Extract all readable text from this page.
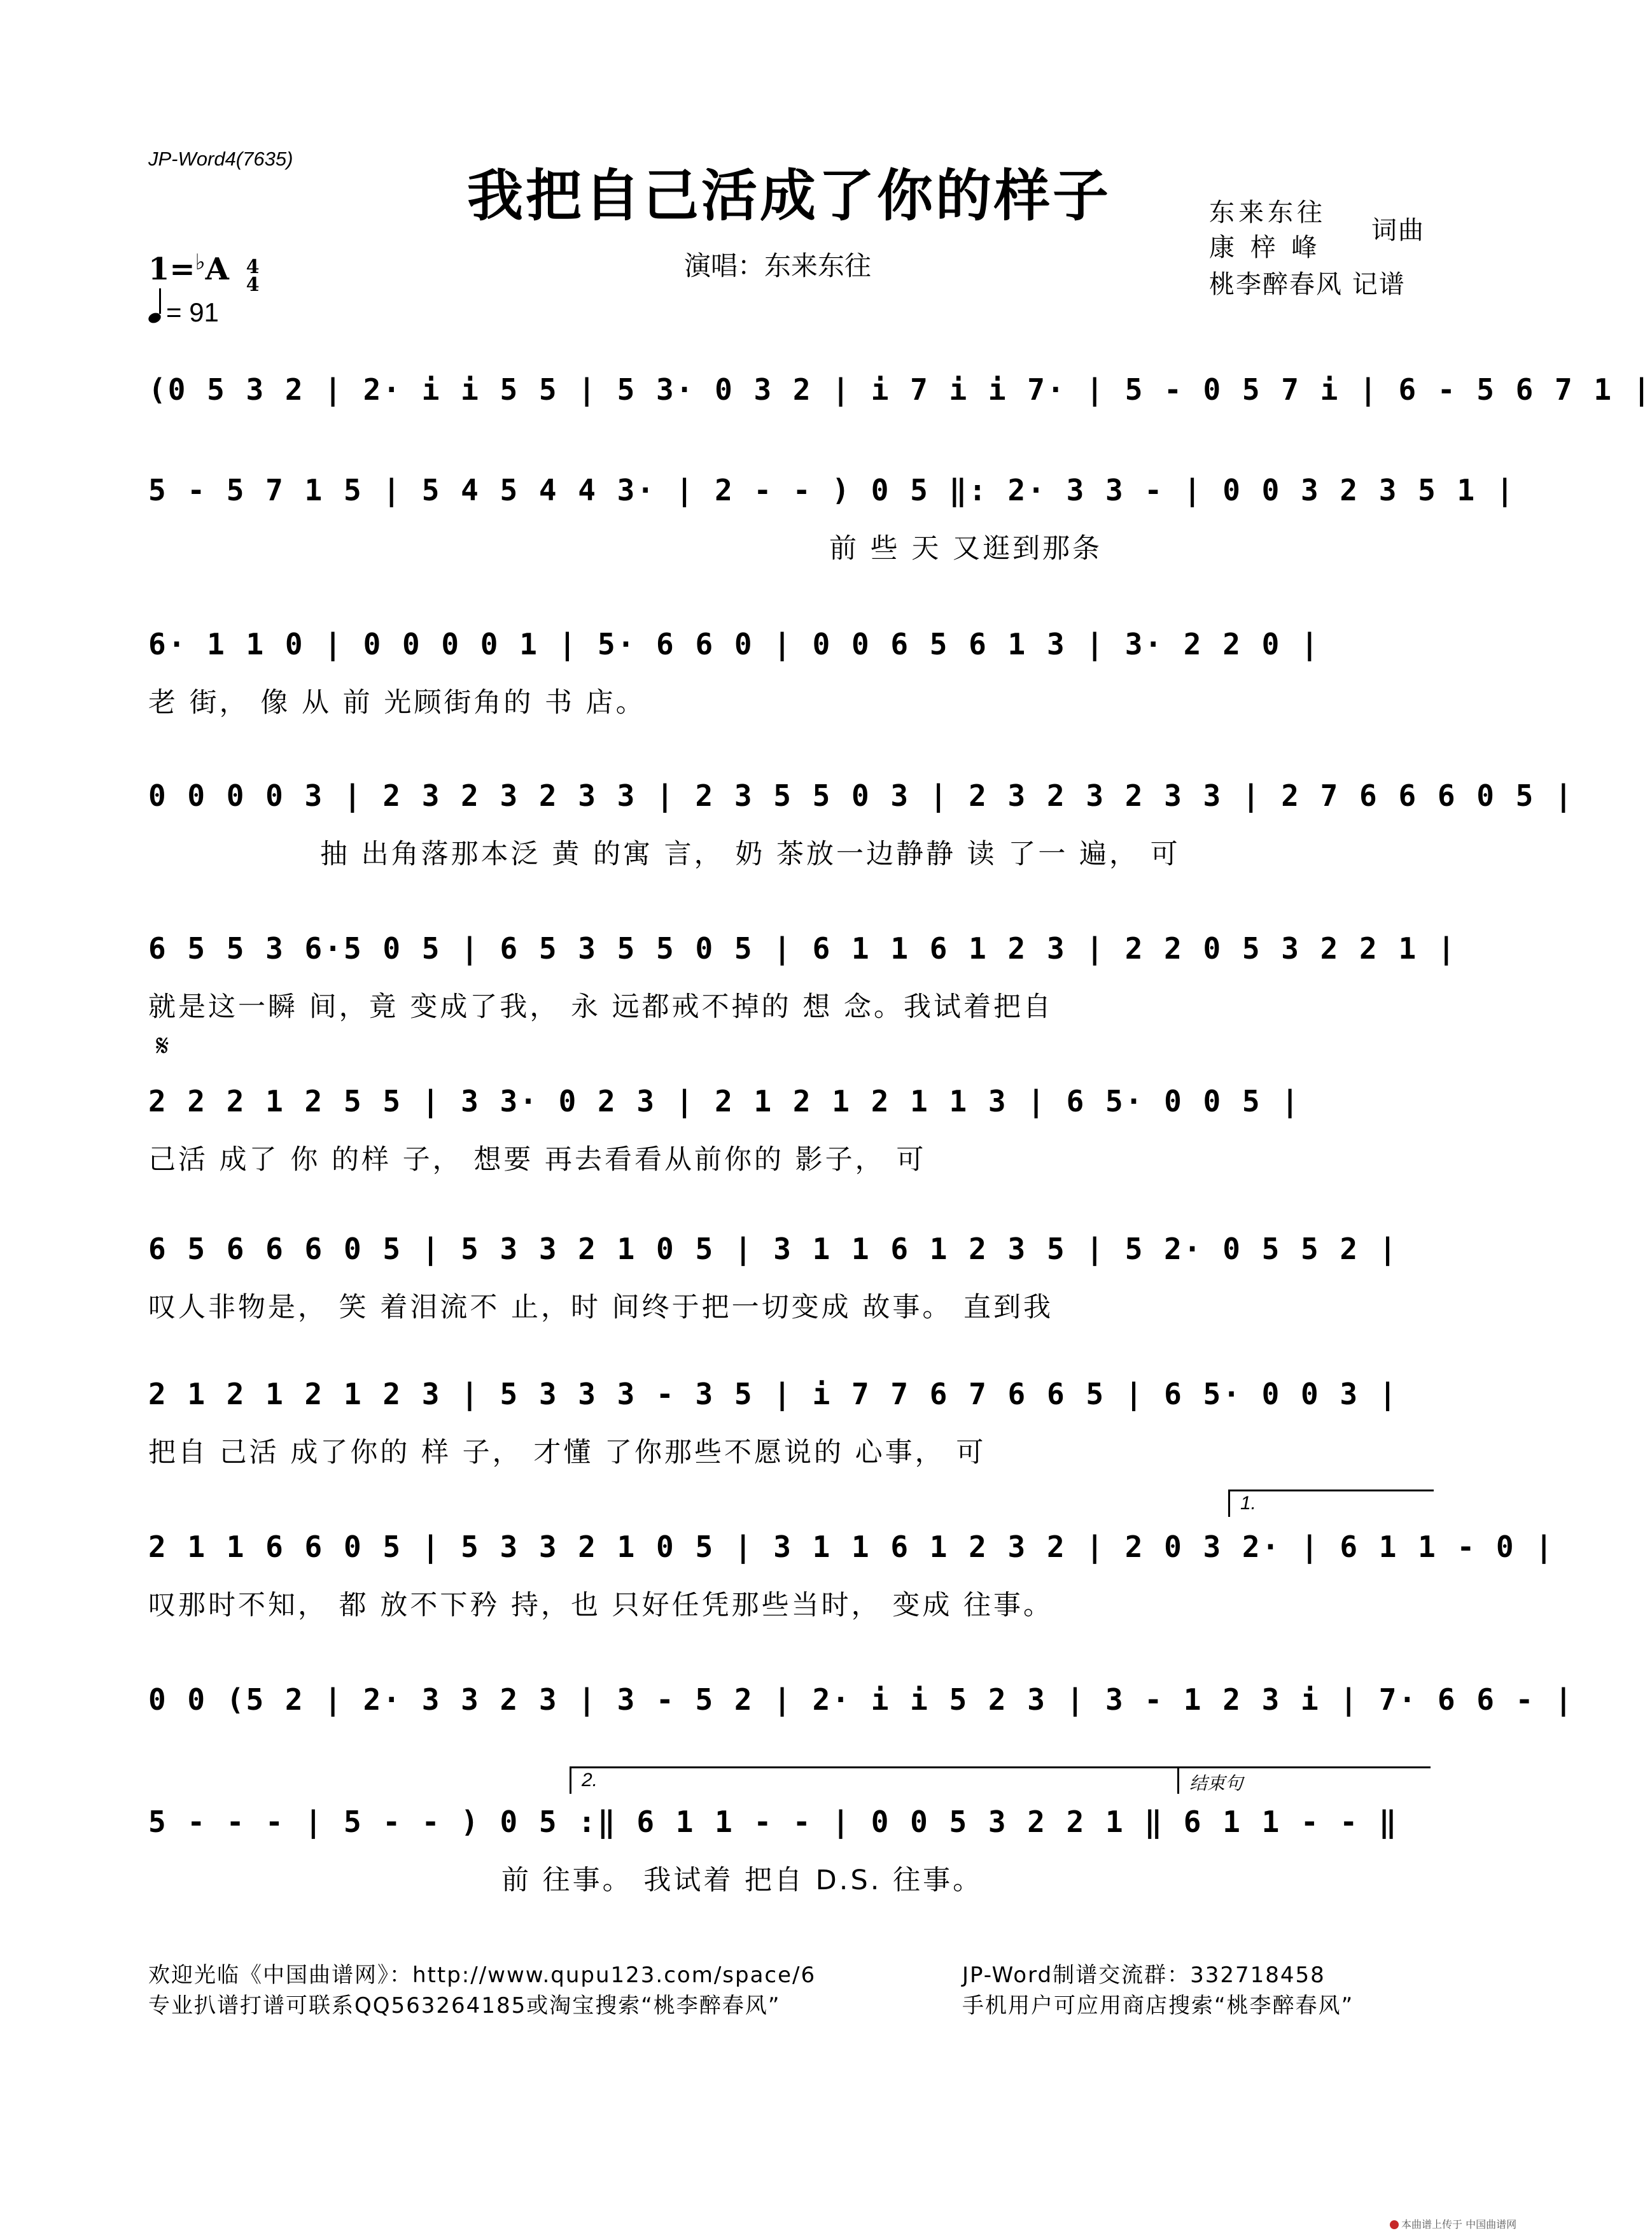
JP-Word4(7635)
我把自己活成了你的样子
演唱：东来东往
东来东往
康 梓 峰
词曲
桃李醉春风 记谱
1=♭A 4
4
= 91
(0 5 3 2 | 2· i i 5 5 | 5 3· 0 3 2 | i 7 i i 7· | 5 - 0 5 7 i | 6 - 5 6 7 1 |
5 - 5 7 1 5 | 5 4 5 4 4 3· | 2 - - ) 0 5 ‖: 2· 3 3 - | 0 0 3 2 3 5 1 |
前 些 天 又逛到那条
6· 1 1 0 | 0 0 0 0 1 | 5· 6 6 0 | 0 0 6 5 6 1 3 | 3· 2 2 0 |
老 街， 像 从 前 光顾街角的 书 店。
0 0 0 0 3 | 2 3 2 3 2 3 3 | 2 3 5 5 0 3 | 2 3 2 3 2 3 3 | 2 7 6 6 6 0 5 |
抽 出角落那本泛 黄 的寓 言， 奶 茶放一边静静 读 了一 遍， 可
6 5 5 3 6·5 0 5 | 6 5 3 5 5 0 5 | 6 1 1 6 1 2 3 | 2 2 0 5 3 2 2 1 |
就是这一瞬 间，竟 变成了我， 永 远都戒不掉的 想 念。我试着把自
𝄋
2 2 2 1 2 5 5 | 3 3· 0 2 3 | 2 1 2 1 2 1 1 3 | 6 5· 0 0 5 |
己活 成了 你 的样 子， 想要 再去看看从前你的 影子， 可
6 5 6 6 6 0 5 | 5 3 3 2 1 0 5 | 3 1 1 6 1 2 3 5 | 5 2· 0 5 5 2 |
叹人非物是， 笑 着泪流不 止，时 间终于把一切变成 故事。 直到我
2 1 2 1 2 1 2 3 | 5 3 3 3 - 3 5 | i 7 7 6 7 6 6 5 | 6 5· 0 0 3 |
把自 己活 成了你的 样 子， 才懂 了你那些不愿说的 心事， 可
1.
2 1 1 6 6 0 5 | 5 3 3 2 1 0 5 | 3 1 1 6 1 2 3 2 | 2 0 3 2· | 6 1 1 - 0 |
叹那时不知， 都 放不下矜 持，也 只好任凭那些当时， 变成 往事。
0 0 (5 2 | 2· 3 3 2 3 | 3 - 5 2 | 2· i i 5 2 3 | 3 - 1 2 3 i | 7· 6 6 - |
2.	结束句
5 - - - | 5 - - ) 0 5 :‖ 6 1 1 - - | 0 0 5 3 2 2 1 ‖ 6 1 1 - - ‖
前 往事。 我试着 把自 D.S. 往事。
欢迎光临《中国曲谱网》：http://www.qupu123.com/space/6
专业扒谱打谱可联系QQ563264185或淘宝搜索“桃李醉春风”
JP-Word制谱交流群：332718458
手机用户可应用商店搜索“桃李醉春风”
本曲谱上传于 中国曲谱网
